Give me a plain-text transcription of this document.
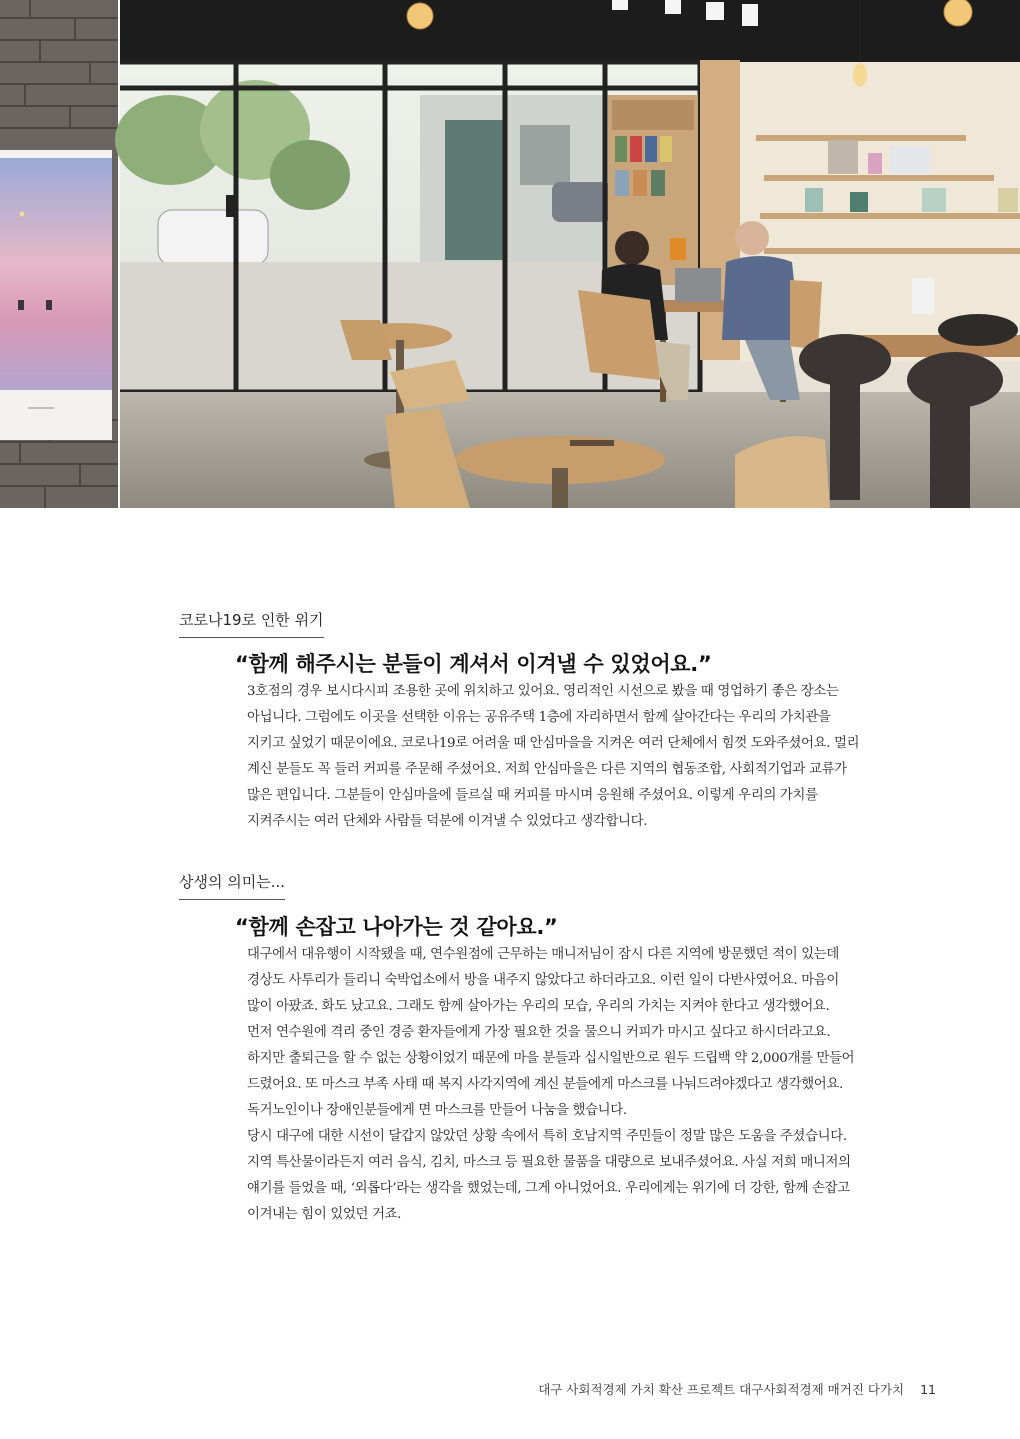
코로나19로 인한 위기
“함께 해주시는 분들이 계셔서 이겨낼 수 있었어요.”
3호점의 경우 보시다시피 조용한 곳에 위치하고 있어요. 영리적인 시선으로 봤을 때 영업하기 좋은 장소는
아닙니다. 그럼에도 이곳을 선택한 이유는 공유주택 1층에 자리하면서 함께 살아간다는 우리의 가치관을
지키고 싶었기 때문이에요. 코로나19로 어려울 때 안심마을을 지켜온 여러 단체에서 힘껏 도와주셨어요. 멀리
계신 분들도 꼭 들러 커피를 주문해 주셨어요. 저희 안심마을은 다른 지역의 협동조합, 사회적기업과 교류가
많은 편입니다. 그분들이 안심마을에 들르실 때 커피를 마시며 응원해 주셨어요. 이렇게 우리의 가치를
지켜주시는 여러 단체와 사람들 덕분에 이겨낼 수 있었다고 생각합니다.
상생의 의미는...
“함께 손잡고 나아가는 것 같아요.”
대구에서 대유행이 시작됐을 때, 연수원점에 근무하는 매니저님이 잠시 다른 지역에 방문했던 적이 있는데
경상도 사투리가 들리니 숙박업소에서 방을 내주지 않았다고 하더라고요. 이런 일이 다반사였어요. 마음이
많이 아팠죠. 화도 났고요. 그래도 함께 살아가는 우리의 모습, 우리의 가치는 지켜야 한다고 생각했어요.
먼저 연수원에 격리 중인 경증 환자들에게 가장 필요한 것을 물으니 커피가 마시고 싶다고 하시더라고요.
하지만 출퇴근을 할 수 없는 상황이었기 때문에 마을 분들과 십시일반으로 원두 드립백 약 2,000개를 만들어
드렸어요. 또 마스크 부족 사태 때 복지 사각지역에 계신 분들에게 마스크를 나눠드려야겠다고 생각했어요.
독거노인이나 장애인분들에게 면 마스크를 만들어 나눔을 했습니다.
당시 대구에 대한 시선이 달갑지 않았던 상황 속에서 특히 호남지역 주민들이 정말 많은 도움을 주셨습니다.
지역 특산물이라든지 여러 음식, 김치, 마스크 등 필요한 물품을 대량으로 보내주셨어요. 사실 저희 매니저의
얘기를 들었을 때, ‘외롭다’라는 생각을 했었는데, 그게 아니었어요. 우리에게는 위기에 더 강한, 함께 손잡고
이겨내는 힘이 있었던 거죠.
대구 사회적경제 가치 확산 프로젝트 대구사회적경제 매거진 다가치 11
